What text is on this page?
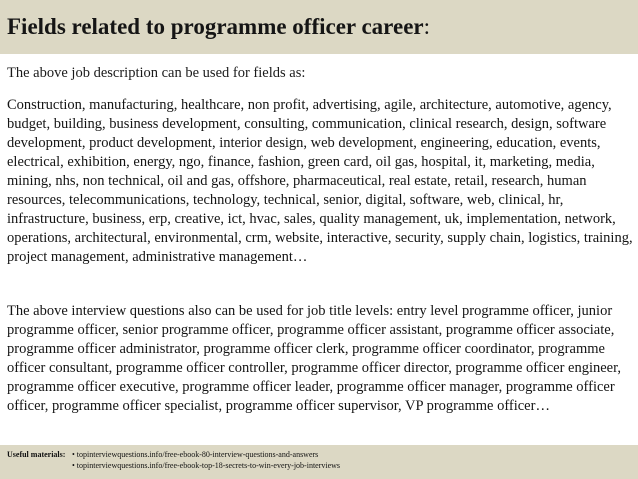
Fields related to programme officer career:
The above job description can be used for fields as:
Construction, manufacturing, healthcare, non profit, advertising, agile, architecture, automotive, agency, budget, building, business development, consulting, communication, clinical research, design, software development, product development, interior design, web development, engineering, education, events, electrical, exhibition, energy, ngo, finance, fashion, green card, oil gas, hospital, it, marketing, media, mining, nhs, non technical, oil and gas, offshore, pharmaceutical, real estate, retail, research, human resources, telecommunications, technology, technical, senior, digital, software, web, clinical, hr, infrastructure, business, erp, creative, ict, hvac, sales, quality management, uk, implementation, network, operations, architectural, environmental, crm, website, interactive, security, supply chain, logistics, training, project management, administrative management…
The above interview questions also can be used for job title levels: entry level programme officer, junior programme officer, senior programme officer, programme officer assistant, programme officer associate, programme officer administrator, programme officer clerk, programme officer coordinator, programme officer consultant, programme officer controller, programme officer director, programme officer engineer, programme officer executive, programme officer leader, programme officer manager, programme officer officer, programme officer specialist, programme officer supervisor, VP programme officer…
Useful materials: • topinterviewquestions.info/free-ebook-80-interview-questions-and-answers
• topinterviewquestions.info/free-ebook-top-18-secrets-to-win-every-job-interviews
